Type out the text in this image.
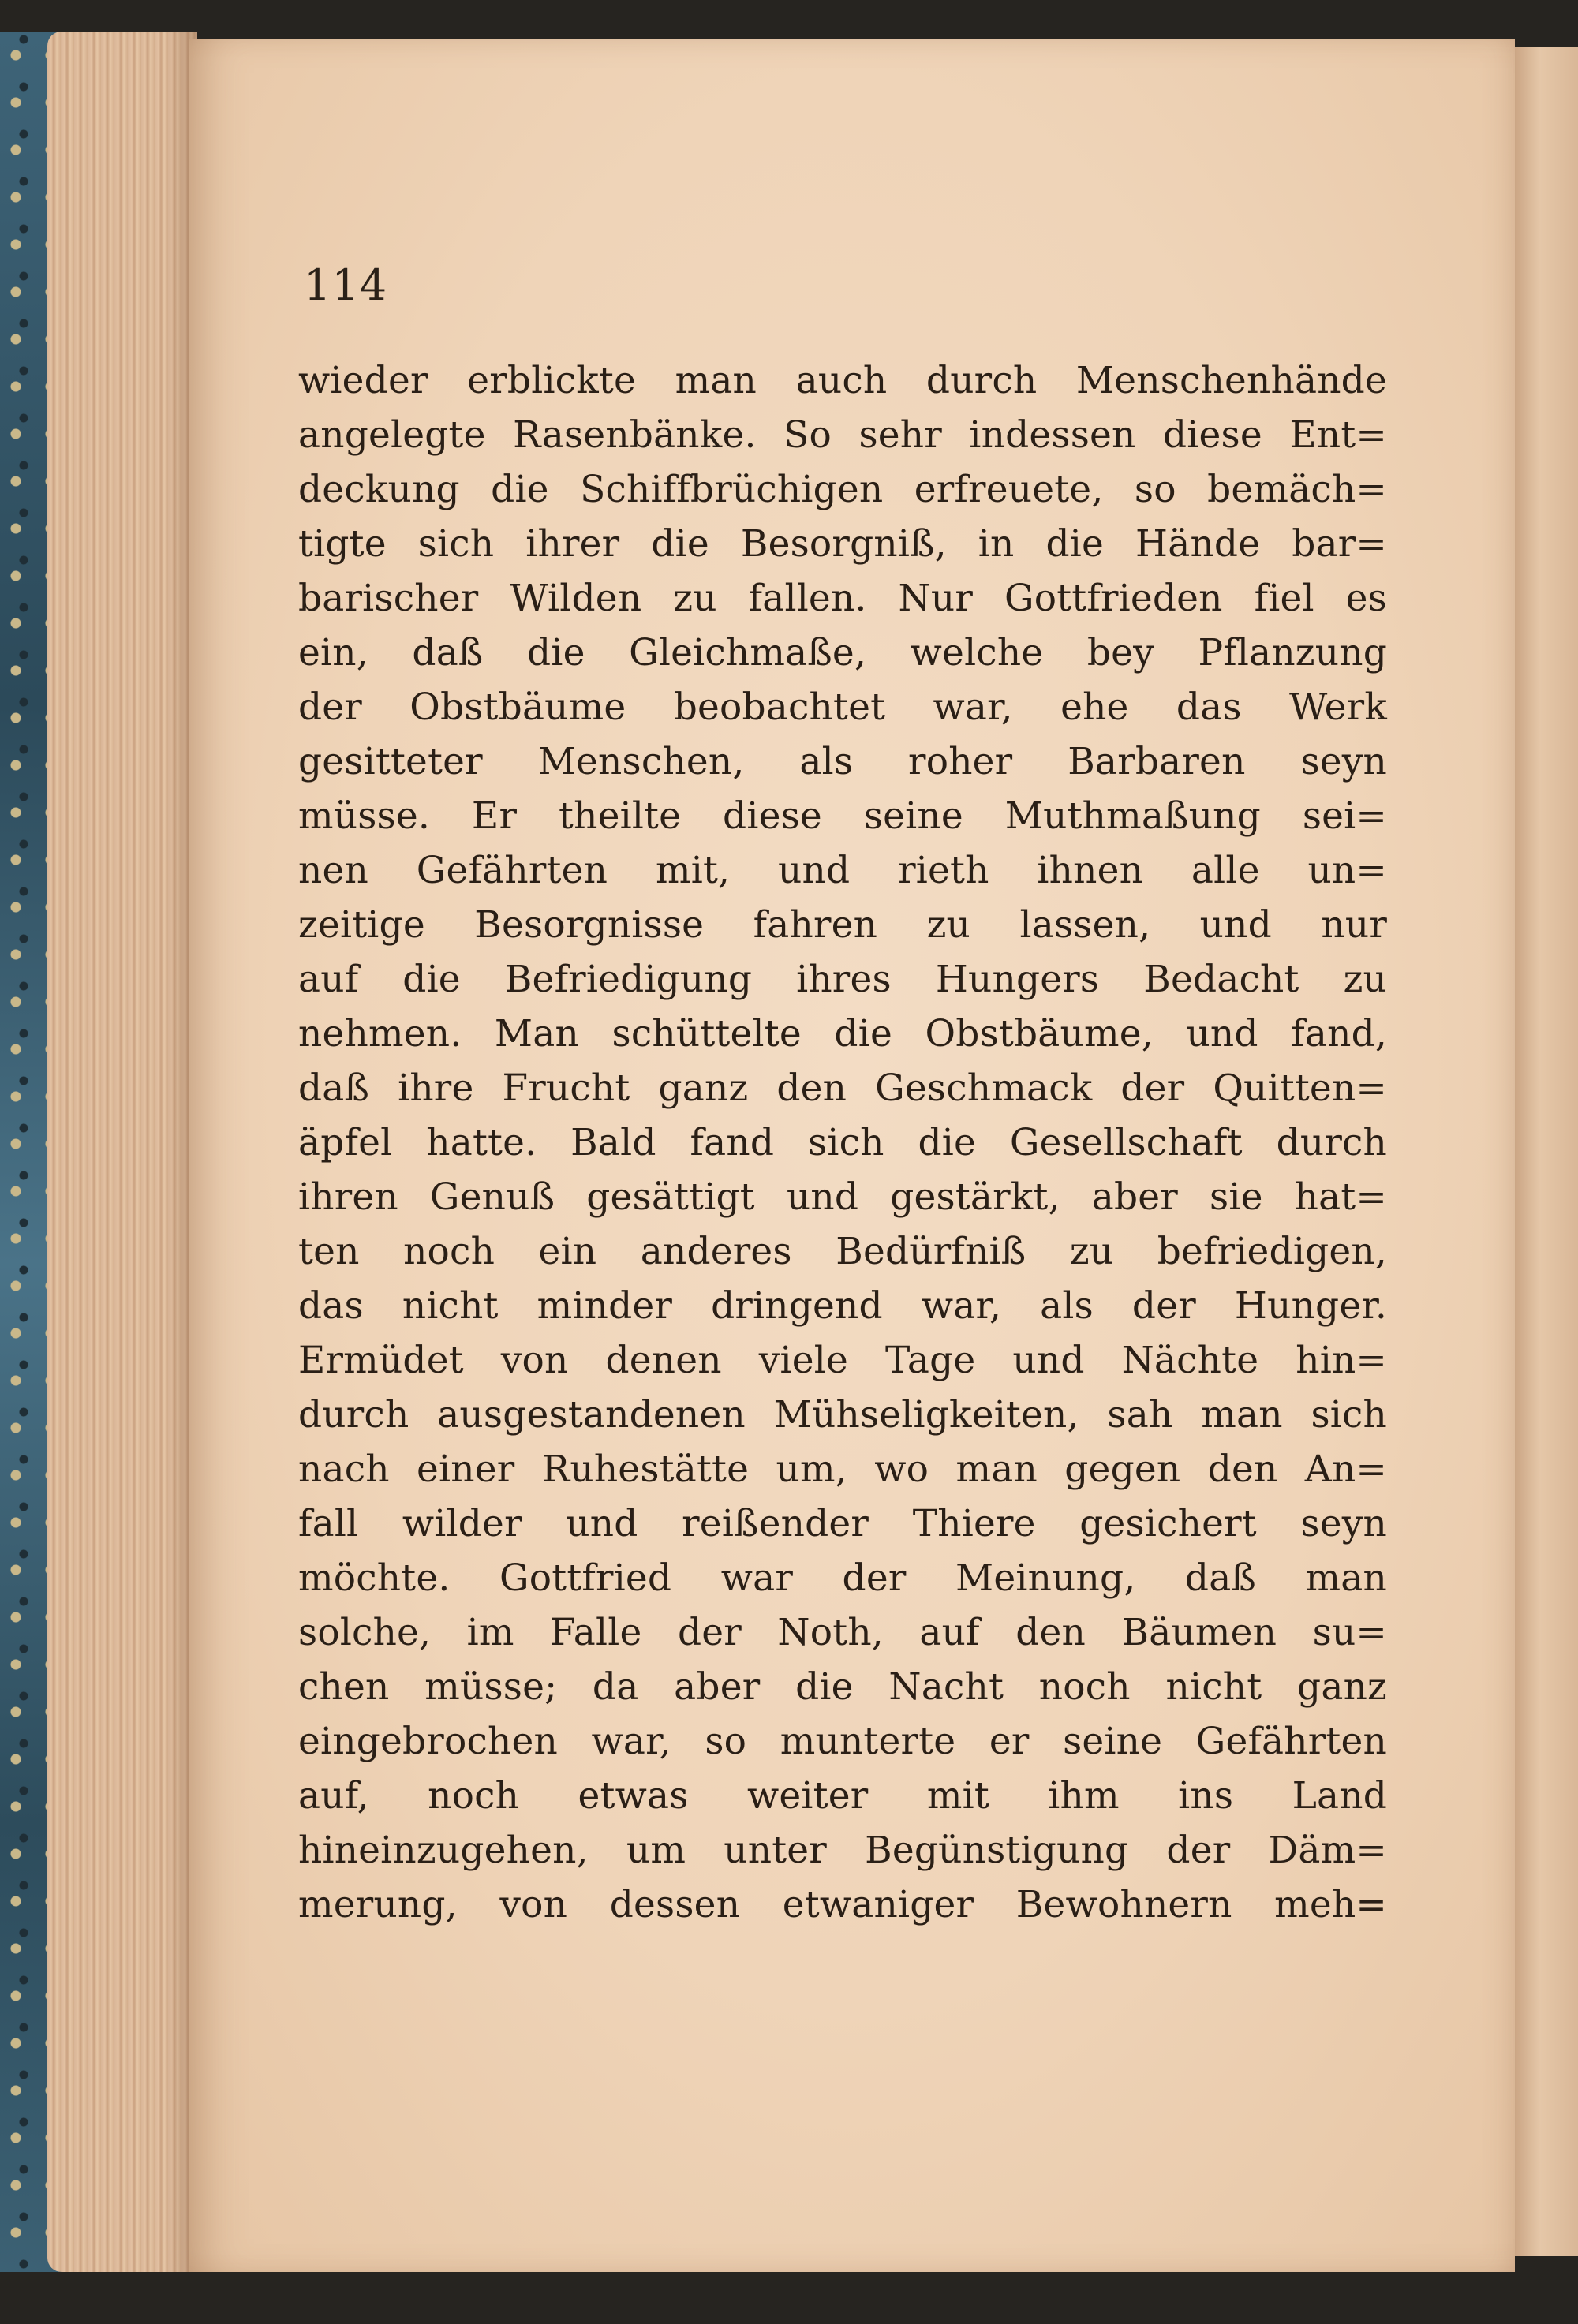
114
wieder erblickte man auch durch Menschenhände
angelegte Rasenbänke. So sehr indessen diese Ent=
deckung die Schiffbrüchigen erfreuete, so bemäch=
tigte sich ihrer die Besorgniß, in die Hände bar=
barischer Wilden zu fallen. Nur Gottfrieden fiel es
ein, daß die Gleichmaße, welche bey Pflanzung
der Obstbäume beobachtet war, ehe das Werk
gesitteter Menschen, als roher Barbaren seyn
müsse. Er theilte diese seine Muthmaßung sei=
nen Gefährten mit, und rieth ihnen alle un=
zeitige Besorgnisse fahren zu lassen, und nur
auf die Befriedigung ihres Hungers Bedacht zu
nehmen. Man schüttelte die Obstbäume, und fand,
daß ihre Frucht ganz den Geschmack der Quitten=
äpfel hatte. Bald fand sich die Gesellschaft durch
ihren Genuß gesättigt und gestärkt, aber sie hat=
ten noch ein anderes Bedürfniß zu befriedigen,
das nicht minder dringend war, als der Hunger.
Ermüdet von denen viele Tage und Nächte hin=
durch ausgestandenen Mühseligkeiten, sah man sich
nach einer Ruhestätte um, wo man gegen den An=
fall wilder und reißender Thiere gesichert seyn
möchte. Gottfried war der Meinung, daß man
solche, im Falle der Noth, auf den Bäumen su=
chen müsse; da aber die Nacht noch nicht ganz
eingebrochen war, so munterte er seine Gefährten
auf, noch etwas weiter mit ihm ins Land
hineinzugehen, um unter Begünstigung der Däm=
merung, von dessen etwaniger Bewohnern meh=
